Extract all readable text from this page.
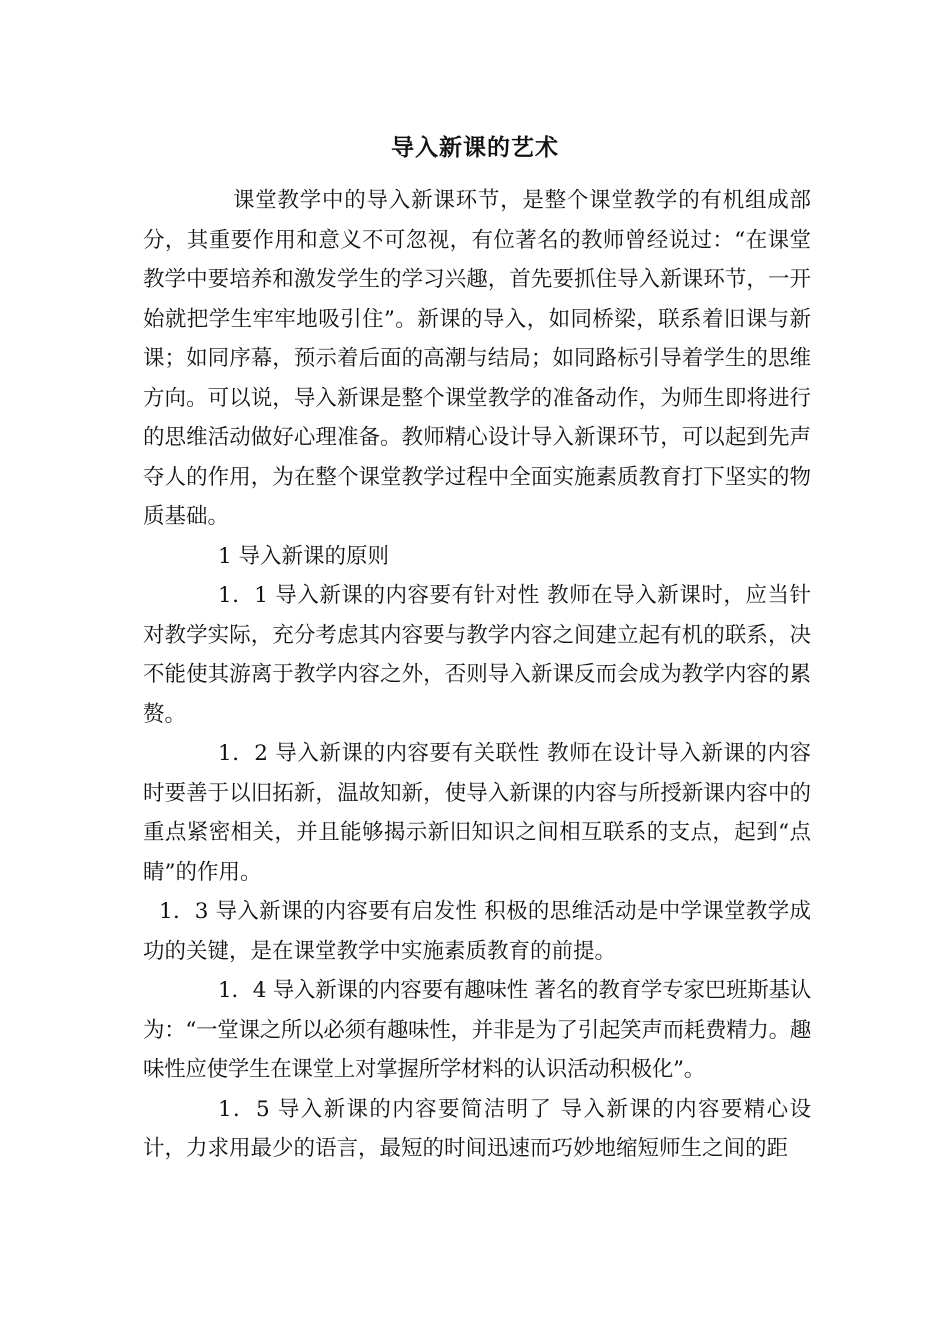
导入新课的艺术

课堂教学中的导入新课环节，是整个课堂教学的有机组成部分，其重要作用和意义不可忽视，有位著名的教师曾经说过：“在课堂教学中要培养和激发学生的学习兴趣，首先要抓住导入新课环节，一开始就把学生牢牢地吸引住”。新课的导入，如同桥梁，联系着旧课与新课；如同序幕，预示着后面的高潮与结局；如同路标引导着学生的思维方向。可以说，导入新课是整个课堂教学的准备动作，为师生即将进行的思维活动做好心理准备。教师精心设计导入新课环节，可以起到先声夺人的作用，为在整个课堂教学过程中全面实施素质教育打下坚实的物质基础。

1 导入新课的原则

1．1 导入新课的内容要有针对性 教师在导入新课时，应当针对教学实际，充分考虑其内容要与教学内容之间建立起有机的联系，决不能使其游离于教学内容之外，否则导入新课反而会成为教学内容的累赘。

1．2 导入新课的内容要有关联性 教师在设计导入新课的内容时要善于以旧拓新，温故知新，使导入新课的内容与所授新课内容中的重点紧密相关，并且能够揭示新旧知识之间相互联系的支点，起到“点睛”的作用。

1．3 导入新课的内容要有启发性 积极的思维活动是中学课堂教学成功的关键，是在课堂教学中实施素质教育的前提。

1．4 导入新课的内容要有趣味性 著名的教育学专家巴班斯基认为：“一堂课之所以必须有趣味性，并非是为了引起笑声而耗费精力。趣味性应使学生在课堂上对掌握所学材料的认识活动积极化”。

1．5 导入新课的内容要简洁明了 导入新课的内容要精心设计，力求用最少的语言，最短的时间迅速而巧妙地缩短师生之间的距
